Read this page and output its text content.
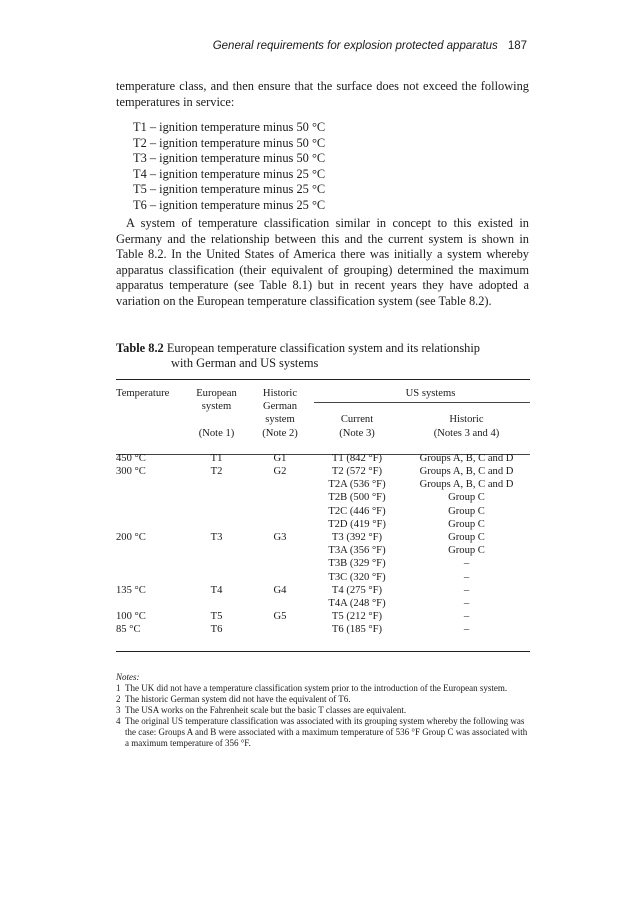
General requirements for explosion protected apparatus 187
temperature class, and then ensure that the surface does not exceed the following temperatures in service:
T1 – ignition temperature minus 50 °C
T2 – ignition temperature minus 50 °C
T3 – ignition temperature minus 50 °C
T4 – ignition temperature minus 25 °C
T5 – ignition temperature minus 25 °C
T6 – ignition temperature minus 25 °C
A system of temperature classification similar in concept to this existed in Germany and the relationship between this and the current system is shown in Table 8.2. In the United States of America there was initially a system whereby apparatus classification (their equivalent of grouping) determined the maximum apparatus temperature (see Table 8.1) but in recent years they have adopted a variation on the European temperature classification system (see Table 8.2).
Table 8.2 European temperature classification system and its relationship
with German and US systems
Temperature	European	Historic	US systems	
	system	German		
		system	Current	Historic
	(Note 1)	(Note 2)	(Note 3)	(Notes 3 and 4)

450 °C	T1	G1	T1 (842 °F)	Groups A, B, C and D
300 °C	T2	G2	T2 (572 °F)	Groups A, B, C and D
			T2A (536 °F)	Groups A, B, C and D
			T2B (500 °F)	Group C
			T2C (446 °F)	Group C
			T2D (419 °F)	Group C
200 °C	T3	G3	T3 (392 °F)	Group C
			T3A (356 °F)	Group C
			T3B (329 °F)	–
			T3C (320 °F)	–
135 °C	T4	G4	T4 (275 °F)	–
			T4A (248 °F)	–
100 °C	T5	G5	T5 (212 °F)	–
85 °C	T6		T6 (185 °F)	–
Notes:
1 The UK did not have a temperature classification system prior to the introduction of the European system.
2 The historic German system did not have the equivalent of T6.
3 The USA works on the Fahrenheit scale but the basic T classes are equivalent.
4 The original US temperature classification was associated with its grouping system whereby the following was the case: Groups A and B were associated with a maximum temperature of 536 °F Group C was associated with a maximum temperature of 356 °F.
